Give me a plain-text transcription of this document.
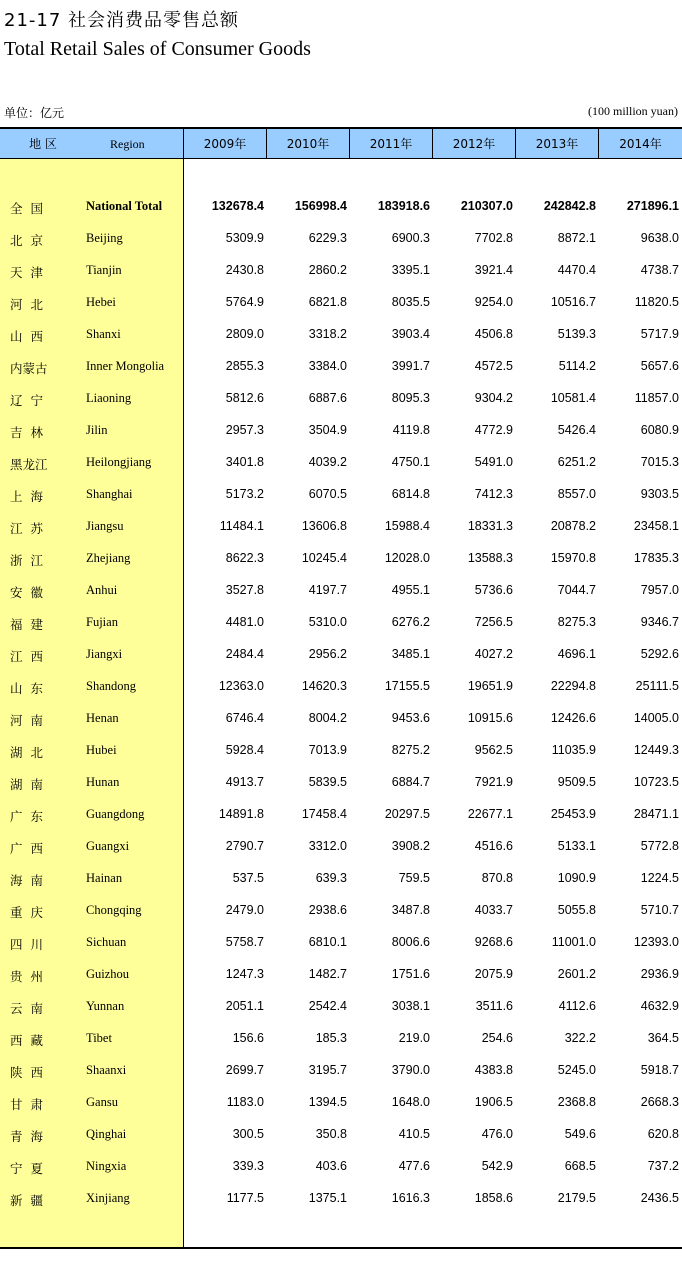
21-17 社会消费品零售总额
Total Retail Sales of Consumer Goods
单位：亿元	(100 million yuan)
地 区	Region	2009年	2010年	2011年	2012年	2013年	2014年
全  国	National Total	132678.4	156998.4	183918.6	210307.0	242842.8	271896.1
北  京	Beijing	5309.9	6229.3	6900.3	7702.8	8872.1	9638.0
天  津	Tianjin	2430.8	2860.2	3395.1	3921.4	4470.4	4738.7
河  北	Hebei	5764.9	6821.8	8035.5	9254.0	10516.7	11820.5
山  西	Shanxi	2809.0	3318.2	3903.4	4506.8	5139.3	5717.9
内蒙古	Inner Mongolia	2855.3	3384.0	3991.7	4572.5	5114.2	5657.6
辽  宁	Liaoning	5812.6	6887.6	8095.3	9304.2	10581.4	11857.0
吉  林	Jilin	2957.3	3504.9	4119.8	4772.9	5426.4	6080.9
黑龙江	Heilongjiang	3401.8	4039.2	4750.1	5491.0	6251.2	7015.3
上  海	Shanghai	5173.2	6070.5	6814.8	7412.3	8557.0	9303.5
江  苏	Jiangsu	11484.1	13606.8	15988.4	18331.3	20878.2	23458.1
浙  江	Zhejiang	8622.3	10245.4	12028.0	13588.3	15970.8	17835.3
安  徽	Anhui	3527.8	4197.7	4955.1	5736.6	7044.7	7957.0
福  建	Fujian	4481.0	5310.0	6276.2	7256.5	8275.3	9346.7
江  西	Jiangxi	2484.4	2956.2	3485.1	4027.2	4696.1	5292.6
山  东	Shandong	12363.0	14620.3	17155.5	19651.9	22294.8	25111.5
河  南	Henan	6746.4	8004.2	9453.6	10915.6	12426.6	14005.0
湖  北	Hubei	5928.4	7013.9	8275.2	9562.5	11035.9	12449.3
湖  南	Hunan	4913.7	5839.5	6884.7	7921.9	9509.5	10723.5
广  东	Guangdong	14891.8	17458.4	20297.5	22677.1	25453.9	28471.1
广  西	Guangxi	2790.7	3312.0	3908.2	4516.6	5133.1	5772.8
海  南	Hainan	537.5	639.3	759.5	870.8	1090.9	1224.5
重  庆	Chongqing	2479.0	2938.6	3487.8	4033.7	5055.8	5710.7
四  川	Sichuan	5758.7	6810.1	8006.6	9268.6	11001.0	12393.0
贵  州	Guizhou	1247.3	1482.7	1751.6	2075.9	2601.2	2936.9
云  南	Yunnan	2051.1	2542.4	3038.1	3511.6	4112.6	4632.9
西  藏	Tibet	156.6	185.3	219.0	254.6	322.2	364.5
陕  西	Shaanxi	2699.7	3195.7	3790.0	4383.8	5245.0	5918.7
甘  肃	Gansu	1183.0	1394.5	1648.0	1906.5	2368.8	2668.3
青  海	Qinghai	300.5	350.8	410.5	476.0	549.6	620.8
宁  夏	Ningxia	339.3	403.6	477.6	542.9	668.5	737.2
新  疆	Xinjiang	1177.5	1375.1	1616.3	1858.6	2179.5	2436.5
